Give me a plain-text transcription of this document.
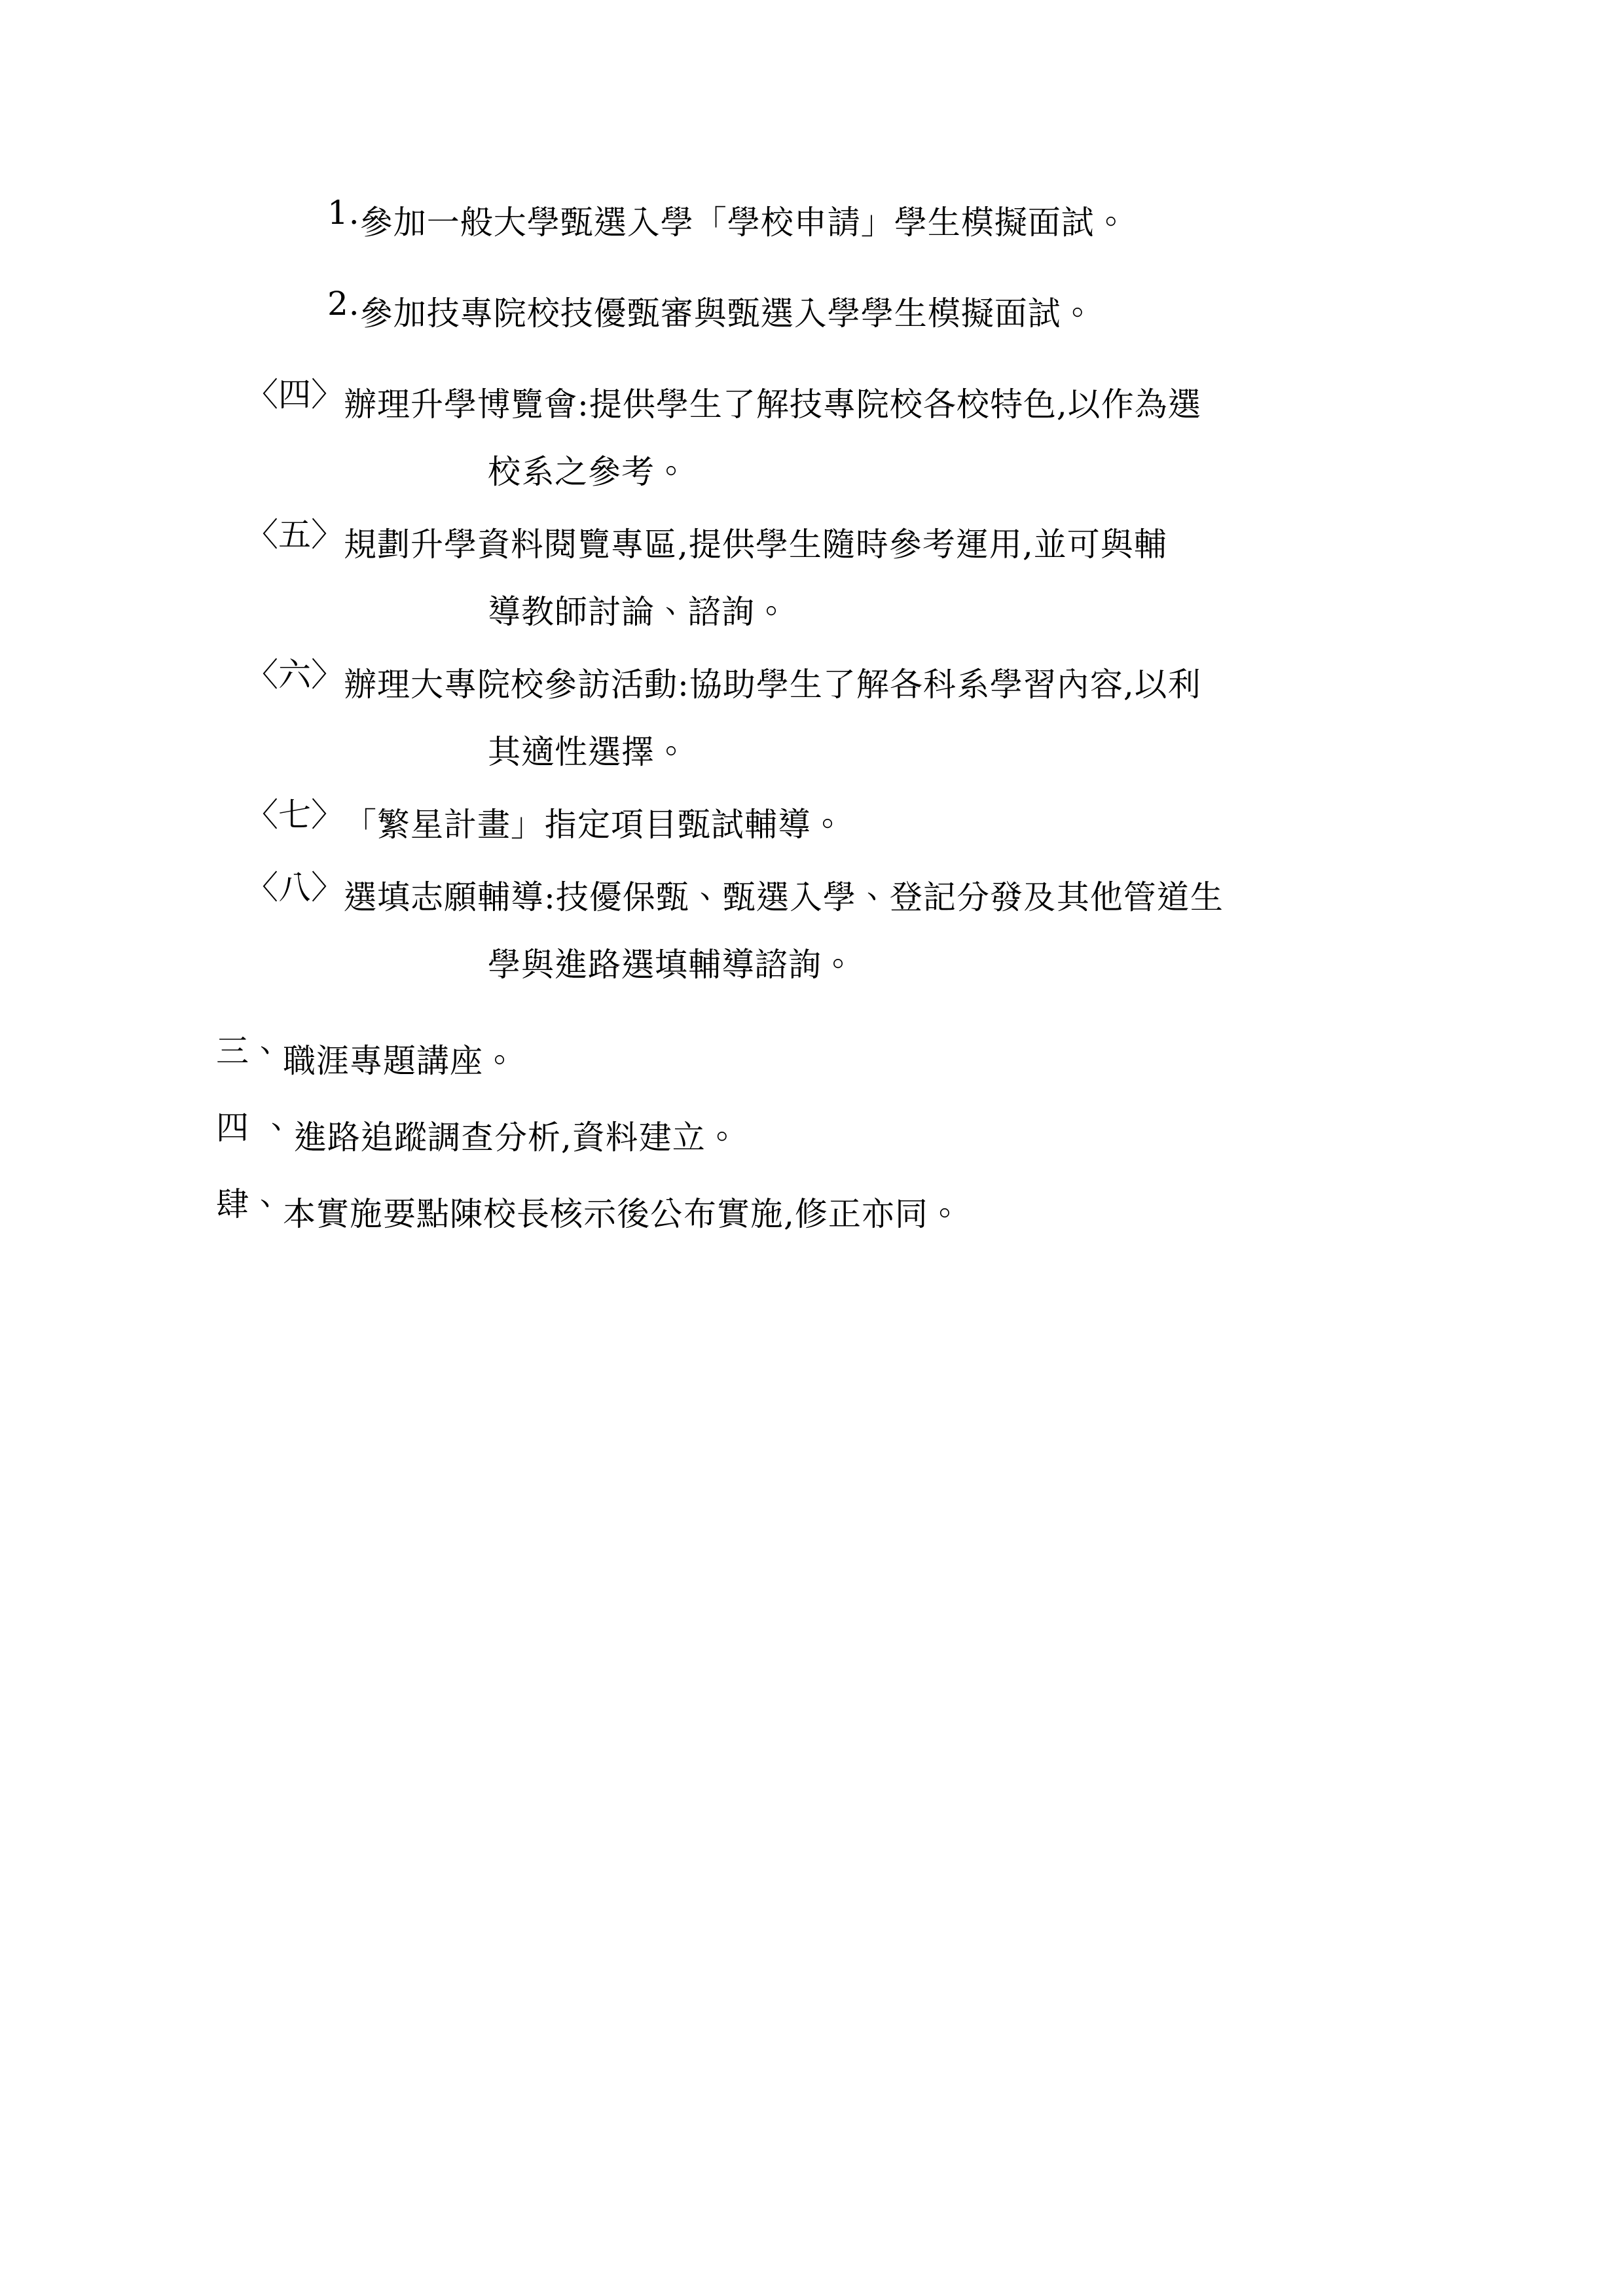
1. 參加一般大學甄選入學「學校申請」學生模擬面試。
2. 參加技專院校技優甄審與甄選入學學生模擬面試。
〈四〉 辦理升學博覽會:提供學生了解技專院校各校特色,以作為選
校系之參考。
〈五〉 規劃升學資料閱覽專區,提供學生隨時參考運用,並可與輔
導教師討論、諮詢。
〈六〉 辦理大專院校參訪活動:協助學生了解各科系學習內容,以利
其適性選擇。
〈七〉 「繁星計畫」指定項目甄試輔導。
〈八〉 選填志願輔導:技優保甄、甄選入學、登記分發及其他管道生
學與進路選填輔導諮詢。
三、 職涯專題講座。
四 、 進路追蹤調查分析,資料建立。
肆、 本實施要點陳校長核示後公布實施,修正亦同。
